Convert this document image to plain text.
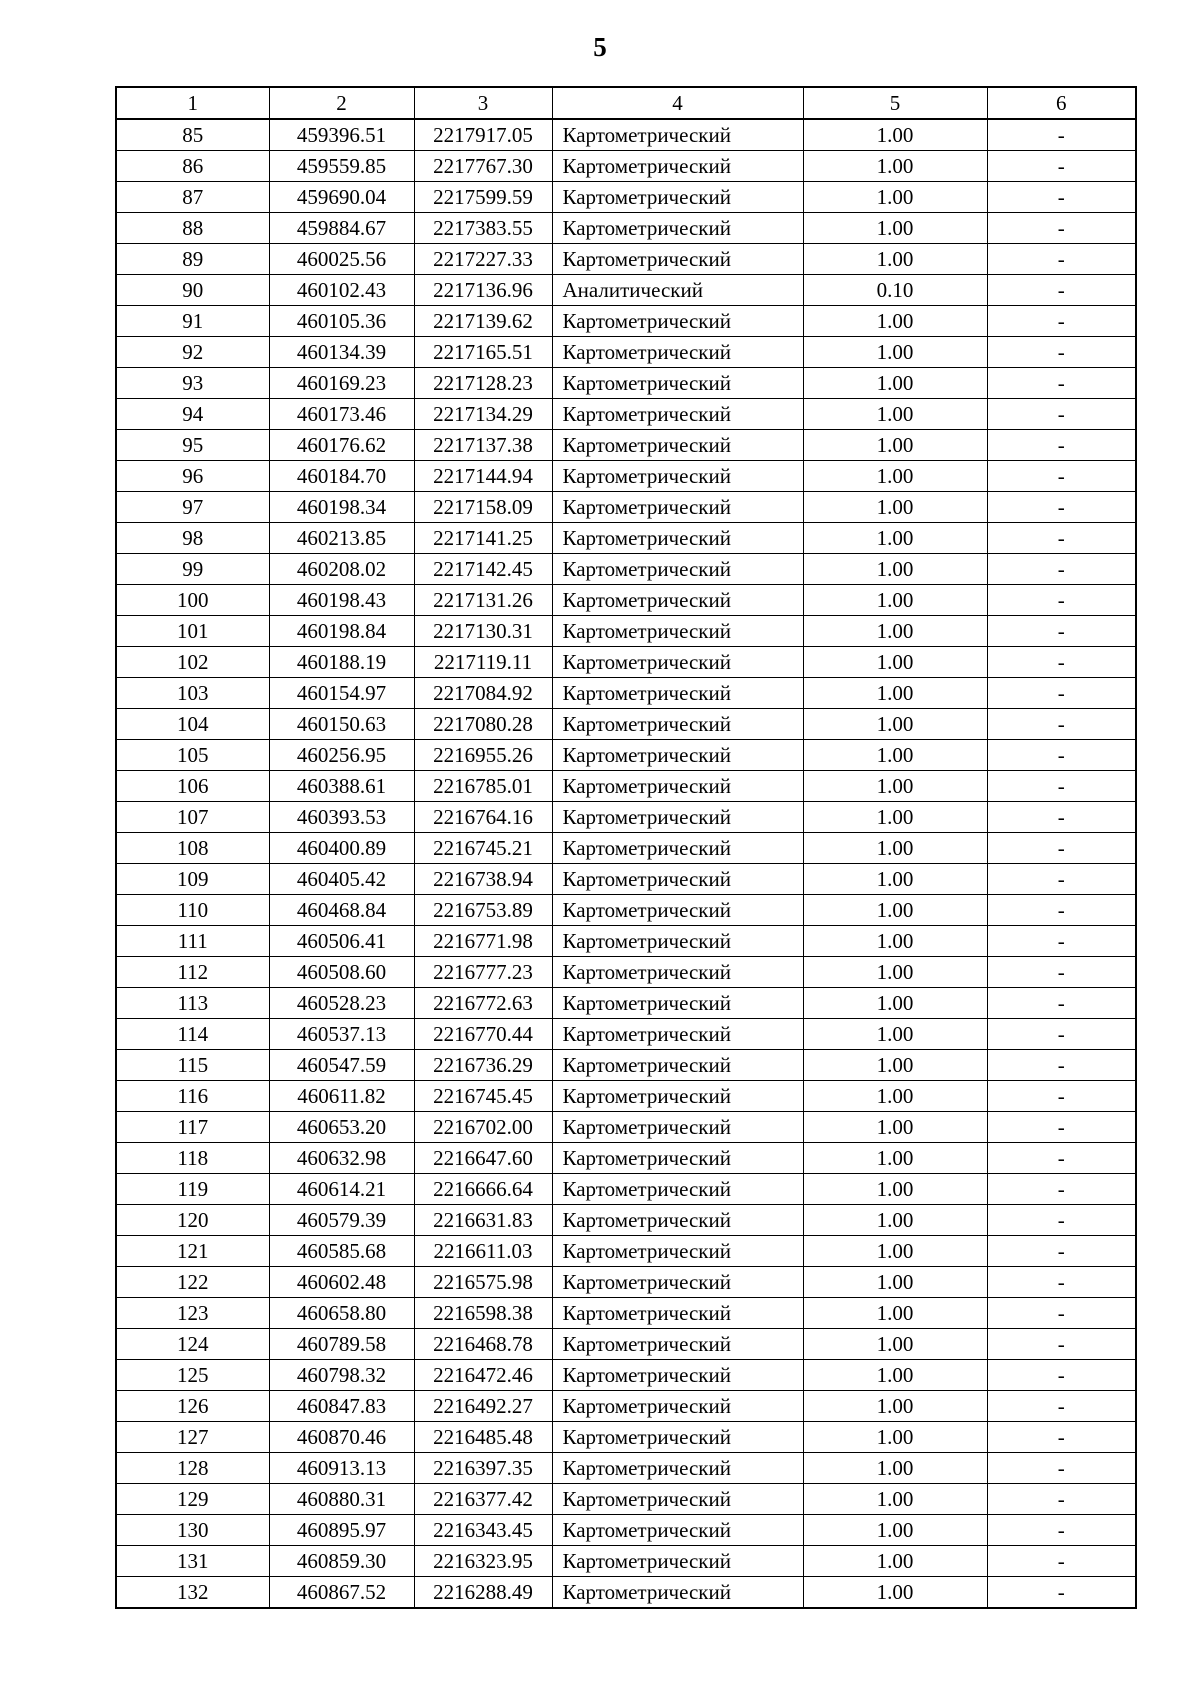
5
1	2	3	4	5	6
85	459396.51	2217917.05	Картометрический	1.00	-
86	459559.85	2217767.30	Картометрический	1.00	-
87	459690.04	2217599.59	Картометрический	1.00	-
88	459884.67	2217383.55	Картометрический	1.00	-
89	460025.56	2217227.33	Картометрический	1.00	-
90	460102.43	2217136.96	Аналитический	0.10	-
91	460105.36	2217139.62	Картометрический	1.00	-
92	460134.39	2217165.51	Картометрический	1.00	-
93	460169.23	2217128.23	Картометрический	1.00	-
94	460173.46	2217134.29	Картометрический	1.00	-
95	460176.62	2217137.38	Картометрический	1.00	-
96	460184.70	2217144.94	Картометрический	1.00	-
97	460198.34	2217158.09	Картометрический	1.00	-
98	460213.85	2217141.25	Картометрический	1.00	-
99	460208.02	2217142.45	Картометрический	1.00	-
100	460198.43	2217131.26	Картометрический	1.00	-
101	460198.84	2217130.31	Картометрический	1.00	-
102	460188.19	2217119.11	Картометрический	1.00	-
103	460154.97	2217084.92	Картометрический	1.00	-
104	460150.63	2217080.28	Картометрический	1.00	-
105	460256.95	2216955.26	Картометрический	1.00	-
106	460388.61	2216785.01	Картометрический	1.00	-
107	460393.53	2216764.16	Картометрический	1.00	-
108	460400.89	2216745.21	Картометрический	1.00	-
109	460405.42	2216738.94	Картометрический	1.00	-
110	460468.84	2216753.89	Картометрический	1.00	-
111	460506.41	2216771.98	Картометрический	1.00	-
112	460508.60	2216777.23	Картометрический	1.00	-
113	460528.23	2216772.63	Картометрический	1.00	-
114	460537.13	2216770.44	Картометрический	1.00	-
115	460547.59	2216736.29	Картометрический	1.00	-
116	460611.82	2216745.45	Картометрический	1.00	-
117	460653.20	2216702.00	Картометрический	1.00	-
118	460632.98	2216647.60	Картометрический	1.00	-
119	460614.21	2216666.64	Картометрический	1.00	-
120	460579.39	2216631.83	Картометрический	1.00	-
121	460585.68	2216611.03	Картометрический	1.00	-
122	460602.48	2216575.98	Картометрический	1.00	-
123	460658.80	2216598.38	Картометрический	1.00	-
124	460789.58	2216468.78	Картометрический	1.00	-
125	460798.32	2216472.46	Картометрический	1.00	-
126	460847.83	2216492.27	Картометрический	1.00	-
127	460870.46	2216485.48	Картометрический	1.00	-
128	460913.13	2216397.35	Картометрический	1.00	-
129	460880.31	2216377.42	Картометрический	1.00	-
130	460895.97	2216343.45	Картометрический	1.00	-
131	460859.30	2216323.95	Картометрический	1.00	-
132	460867.52	2216288.49	Картометрический	1.00	-
